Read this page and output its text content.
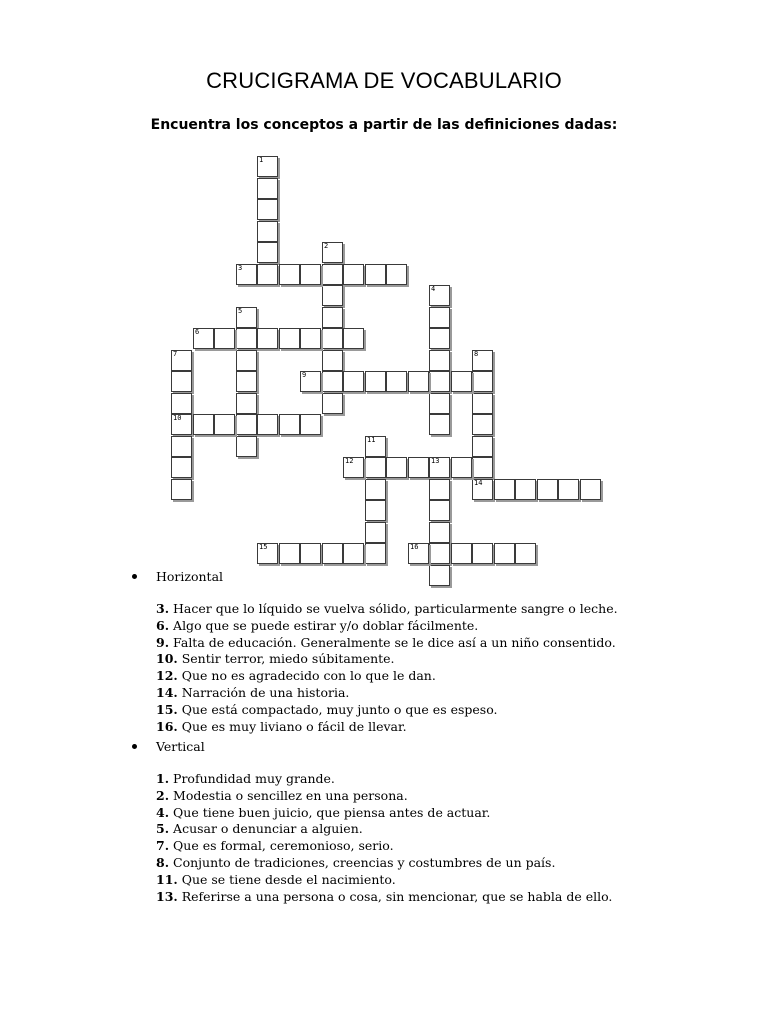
CRUCIGRAMA DE VOCABULARIO
Encuentra los conceptos a partir de las definiciones dadas:
1
2
3
4
5
6
7
10
8
14
9
11
12	13
15	16
Horizontal
3. Hacer que lo líquido se vuelva sólido, particularmente sangre o leche.
6. Algo que se puede estirar y/o doblar fácilmente.
9. Falta de educación. Generalmente se le dice así a un niño consentido.
10. Sentir terror, miedo súbitamente.
12. Que no es agradecido con lo que le dan.
14. Narración de una historia.
15. Que está compactado, muy junto o que es espeso.
16. Que es muy liviano o fácil de llevar.
Vertical
1. Profundidad muy grande.
2. Modestia o sencillez en una persona.
4. Que tiene buen juicio, que piensa antes de actuar.
5. Acusar o denunciar a alguien.
7. Que es formal, ceremonioso, serio.
8. Conjunto de tradiciones, creencias y costumbres de un país.
11. Que se tiene desde el nacimiento.
13. Referirse a una persona o cosa, sin mencionar, que se habla de ello.
